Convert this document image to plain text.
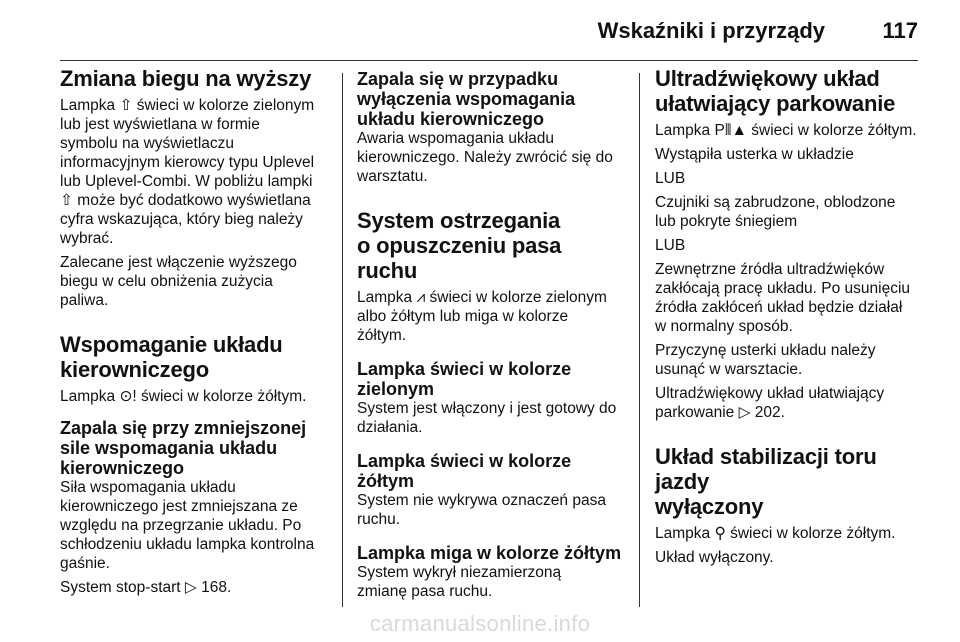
Wskaźniki i przyrządy	117
Zmiana biegu na wyższy

Lampka ⇧ świeci w kolorze zielonym
lub jest wyświetlana w formie
symbolu na wyświetlaczu
informacyjnym kierowcy typu Uplevel
lub Uplevel-Combi. W pobliżu lampki
⇧ może być dodatkowo wyświetlana
cyfra wskazująca, który bieg należy
wybrać.

Zalecane jest włączenie wyższego
biegu w celu obniżenia zużycia
paliwa.

Wspomaganie układu
kierowniczego

Lampka ⊙! świeci w kolorze żółtym.

Zapala się przy zmniejszonej
sile wspomagania układu
kierowniczego

Siła wspomagania układu
kierowniczego jest zmniejszana ze
względu na przegrzanie układu. Po
schłodzeniu układu lampka kontrolna
gaśnie.

System stop-start ▷ 168.

Zapala się w przypadku
wyłączenia wspomagania
układu kierowniczego

Awaria wspomagania układu
kierowniczego. Należy zwrócić się do
warsztatu.

System ostrzegania
o opuszczeniu pasa ruchu

Lampka ⩘ świeci w kolorze zielonym
albo żółtym lub miga w kolorze
żółtym.

Lampka świeci w kolorze
zielonym

System jest włączony i jest gotowy do
działania.

Lampka świeci w kolorze żółtym

System nie wykrywa oznaczeń pasa
ruchu.

Lampka miga w kolorze żółtym

System wykrył niezamierzoną
zmianę pasa ruchu.

Ultradźwiękowy układ
ułatwiający parkowanie

Lampka P⦀▲ świeci w kolorze żółtym.

Wystąpiła usterka w układzie

LUB

Czujniki są zabrudzone, oblodzone
lub pokryte śniegiem

LUB

Zewnętrzne źródła ultradźwięków
zakłócają pracę układu. Po usunięciu
źródła zakłóceń układ będzie działał
w normalny sposób.

Przyczynę usterki układu należy
usunąć w warsztacie.

Ultradźwiękowy układ ułatwiający
parkowanie ▷ 202.

Układ stabilizacji toru jazdy
wyłączony

Lampka ⚲ świeci w kolorze żółtym.

Układ wyłączony.

carmanualsonline.info
